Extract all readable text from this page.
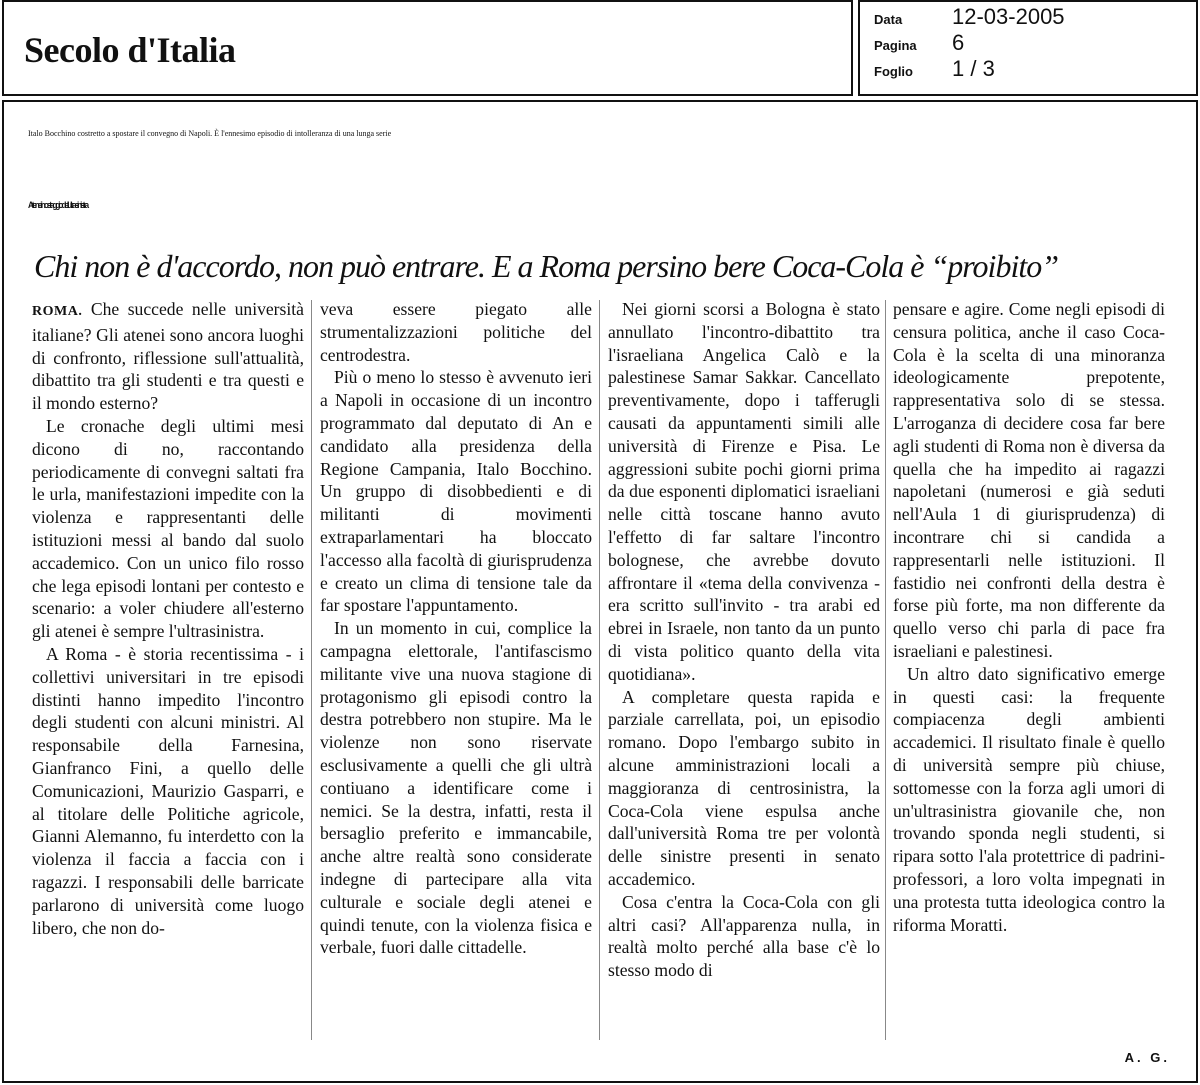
Secolo d'Italia
Data 12-03-2005
Pagina 6
Foglio 1 / 3
Italo Bocchino costretto a spostare il convegno di Napoli. È l'ennesimo episodio di intolleranza di una lunga serie
Atenei in ostaggio dell'ultrasinistra
Chi non è d'accordo, non può entrare. E a Roma persino bere Coca-Cola è “proibito”

ROMA. Che succede nelle università italiane? Gli atenei sono ancora luoghi di confronto, riflessione sull'attualità, dibattito tra gli studenti e tra questi e il mondo esterno?

Le cronache degli ultimi mesi dicono di no, raccontando periodicamente di convegni saltati fra le urla, manifestazioni impedite con la violenza e rappresentanti delle istituzioni messi al bando dal suolo accademico. Con un unico filo rosso che lega episodi lontani per contesto e scenario: a voler chiudere all'esterno gli atenei è sempre l'ultrasinistra.

A Roma - è storia recentissima - i collettivi universitari in tre episodi distinti hanno impedito l'incontro degli studenti con alcuni ministri. Al responsabile della Farnesina, Gianfranco Fini, a quello delle Comunicazioni, Maurizio Gasparri, e al titolare delle Politiche agricole, Gianni Alemanno, fu interdetto con la violenza il faccia a faccia con i ragazzi. I responsabili delle barricate parlarono di università come luogo libero, che non do-

veva essere piegato alle strumentalizzazioni politiche del centrodestra.

Più o meno lo stesso è avvenuto ieri a Napoli in occasione di un incontro programmato dal deputato di An e candidato alla presidenza della Regione Campania, Italo Bocchino. Un gruppo di disobbedienti e di militanti di movimenti extraparlamentari ha bloccato l'accesso alla facoltà di giurisprudenza e creato un clima di tensione tale da far spostare l'appuntamento.

In un momento in cui, complice la campagna elettorale, l'antifascismo militante vive una nuova stagione di protagonismo gli episodi contro la destra potrebbero non stupire. Ma le violenze non sono riservate esclusivamente a quelli che gli ultrà contiuano a identificare come i nemici. Se la destra, infatti, resta il bersaglio preferito e immancabile, anche altre realtà sono considerate indegne di partecipare alla vita culturale e sociale degli atenei e quindi tenute, con la violenza fisica e verbale, fuori dalle cittadelle.

Nei giorni scorsi a Bologna è stato annullato l'incontro-dibattito tra l'israeliana Angelica Calò e la palestinese Samar Sakkar. Cancellato preventivamente, dopo i tafferugli causati da appuntamenti simili alle università di Firenze e Pisa. Le aggressioni subite pochi giorni prima da due esponenti diplomatici israeliani nelle città toscane hanno avuto l'effetto di far saltare l'incontro bolognese, che avrebbe dovuto affrontare il «tema della convivenza - era scritto sull'invito - tra arabi ed ebrei in Israele, non tanto da un punto di vista politico quanto della vita quotidiana».

A completare questa rapida e parziale carrellata, poi, un episodio romano. Dopo l'embargo subito in alcune amministrazioni locali a maggioranza di centrosinistra, la Coca-Cola viene espulsa anche dall'università Roma tre per volontà delle sinistre presenti in senato accademico.

Cosa c'entra la Coca-Cola con gli altri casi? All'apparenza nulla, in realtà molto perché alla base c'è lo stesso modo di

pensare e agire. Come negli episodi di censura politica, anche il caso Coca-Cola è la scelta di una minoranza ideologicamente prepotente, rappresentativa solo di se stessa. L'arroganza di decidere cosa far bere agli studenti di Roma non è diversa da quella che ha impedito ai ragazzi napoletani (numerosi e già seduti nell'Aula 1 di giurisprudenza) di incontrare chi si candida a rappresentarli nelle istituzioni. Il fastidio nei confronti della destra è forse più forte, ma non differente da quello verso chi parla di pace fra israeliani e palestinesi.

Un altro dato significativo emerge in questi casi: la frequente compiacenza degli ambienti accademici. Il risultato finale è quello di università sempre più chiuse, sottomesse con la forza agli umori di un'ultrasinistra giovanile che, non trovando sponda negli studenti, si ripara sotto l'ala protettrice di padrini-professori, a loro volta impegnati in una protesta tutta ideologica contro la riforma Moratti.

A. G.
